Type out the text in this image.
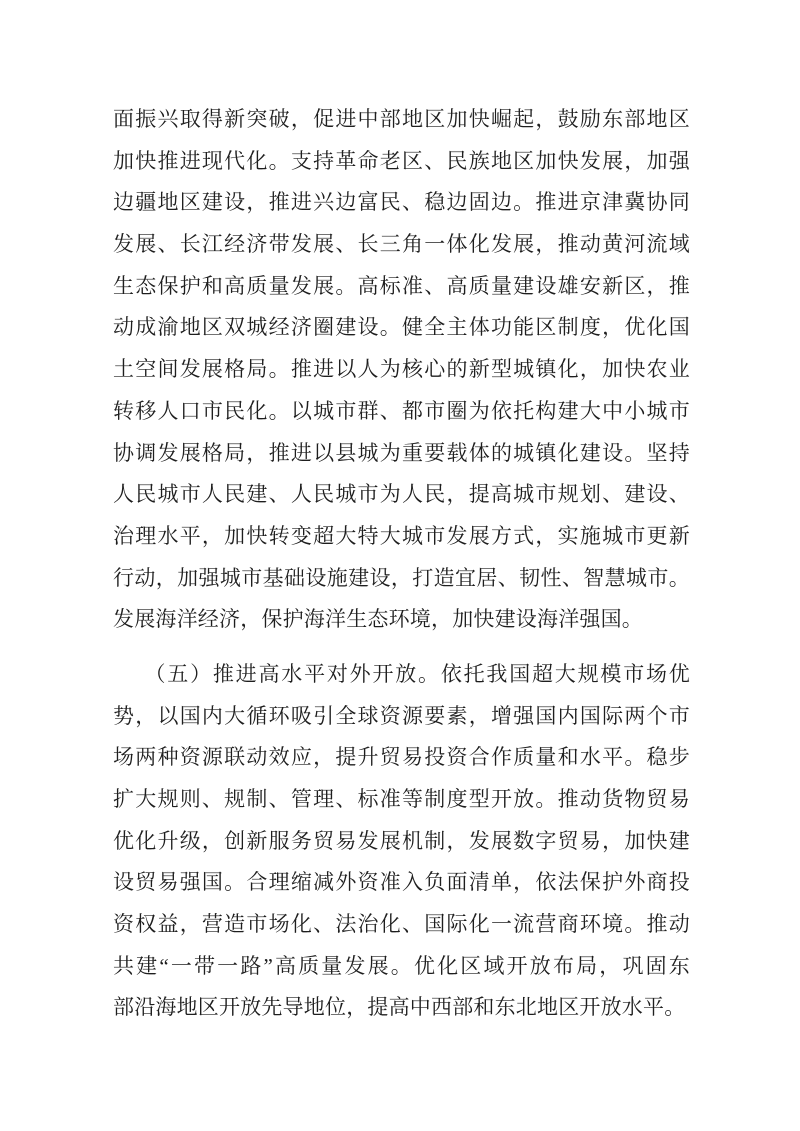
面振兴取得新突破，促进中部地区加快崛起，鼓励东部地区
加快推进现代化。支持革命老区、民族地区加快发展，加强
边疆地区建设，推进兴边富民、稳边固边。推进京津冀协同
发展、长江经济带发展、长三角一体化发展，推动黄河流域
生态保护和高质量发展。高标准、高质量建设雄安新区，推
动成渝地区双城经济圈建设。健全主体功能区制度，优化国
土空间发展格局。推进以人为核心的新型城镇化，加快农业
转移人口市民化。以城市群、都市圈为依托构建大中小城市
协调发展格局，推进以县城为重要载体的城镇化建设。坚持
人民城市人民建、人民城市为人民，提高城市规划、建设、
治理水平，加快转变超大特大城市发展方式，实施城市更新
行动，加强城市基础设施建设，打造宜居、韧性、智慧城市。
发展海洋经济，保护海洋生态环境，加快建设海洋强国。
（五）推进高水平对外开放。依托我国超大规模市场优
势，以国内大循环吸引全球资源要素，增强国内国际两个市
场两种资源联动效应，提升贸易投资合作质量和水平。稳步
扩大规则、规制、管理、标准等制度型开放。推动货物贸易
优化升级，创新服务贸易发展机制，发展数字贸易，加快建
设贸易强国。合理缩减外资准入负面清单，依法保护外商投
资权益，营造市场化、法治化、国际化一流营商环境。推动
共建“一带一路”高质量发展。优化区域开放布局，巩固东
部沿海地区开放先导地位，提高中西部和东北地区开放水平。
